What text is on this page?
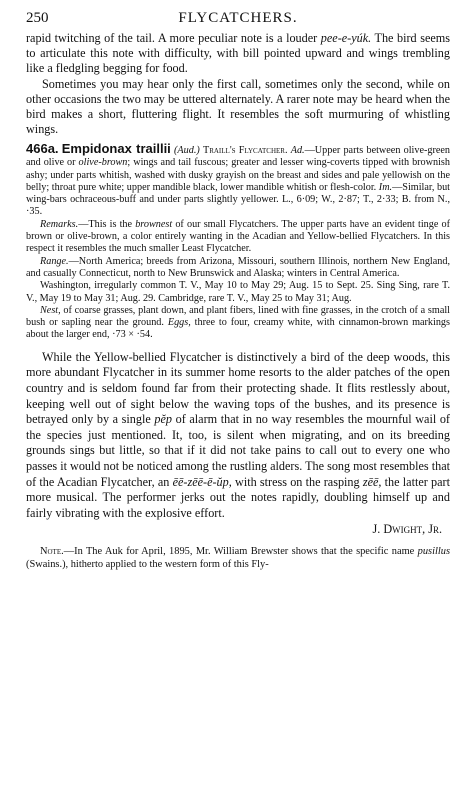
250	FLYCATCHERS.

rapid twitching of the tail. A more peculiar note is a louder pee-e-yúk. The bird seems to articulate this note with difficulty, with bill pointed upward and wings trembling like a fledgling begging for food.

Sometimes you may hear only the first call, sometimes only the second, while on other occasions the two may be uttered alternately. A rarer note may be heard when the bird makes a short, fluttering flight. It resembles the soft murmuring of whistling wings.

466a. Empidonax traillii (Aud.) Traill's Flycatcher. Ad.—Upper parts between olive-green and olive or olive-brown; wings and tail fuscous; greater and lesser wing-coverts tipped with brownish ashy; under parts whitish, washed with dusky grayish on the breast and sides and pale yellowish on the belly; throat pure white; upper mandible black, lower mandible whitish or flesh-color. Im.—Similar, but wing-bars ochraceous-buff and under parts slightly yellower. L., 6·09; W., 2·87; T., 2·33; B. from N., ·35.

Remarks.—This is the brownest of our small Flycatchers. The upper parts have an evident tinge of brown or olive-brown, a color entirely wanting in the Acadian and Yellow-bellied Flycatchers. In this respect it resembles the much smaller Least Flycatcher.

Range.—North America; breeds from Arizona, Missouri, southern Illinois, northern New England, and casually Connecticut, north to New Brunswick and Alaska; winters in Central America.

Washington, irregularly common T. V., May 10 to May 29; Aug. 15 to Sept. 25. Sing Sing, rare T. V., May 19 to May 31; Aug. 29. Cambridge, rare T. V., May 25 to May 31; Aug.

Nest, of coarse grasses, plant down, and plant fibers, lined with fine grasses, in the crotch of a small bush or sapling near the ground. Eggs, three to four, creamy white, with cinnamon-brown markings about the larger end, ·73 × ·54.

While the Yellow-bellied Flycatcher is distinctively a bird of the deep woods, this more abundant Flycatcher in its summer home resorts to the alder patches of the open country and is seldom found far from their protecting shade. It flits restlessly about, keeping well out of sight below the waving tops of the bushes, and its presence is betrayed only by a single pĕp of alarm that in no way resembles the mournful wail of the species just mentioned. It, too, is silent when migrating, and on its breeding grounds sings but little, so that if it did not take pains to call out to every one who passes it would not be noticed among the rustling alders. The song most resembles that of the Acadian Flycatcher, an ēē-zēē-ē-ŭp, with stress on the rasping zēē, the latter part more musical. The performer jerks out the notes rapidly, doubling himself up and fairly vibrating with the explosive effort.

J. Dwight, Jr.

Note.—In The Auk for April, 1895, Mr. William Brewster shows that the specific name pusillus (Swains.), hitherto applied to the western form of this Fly-
